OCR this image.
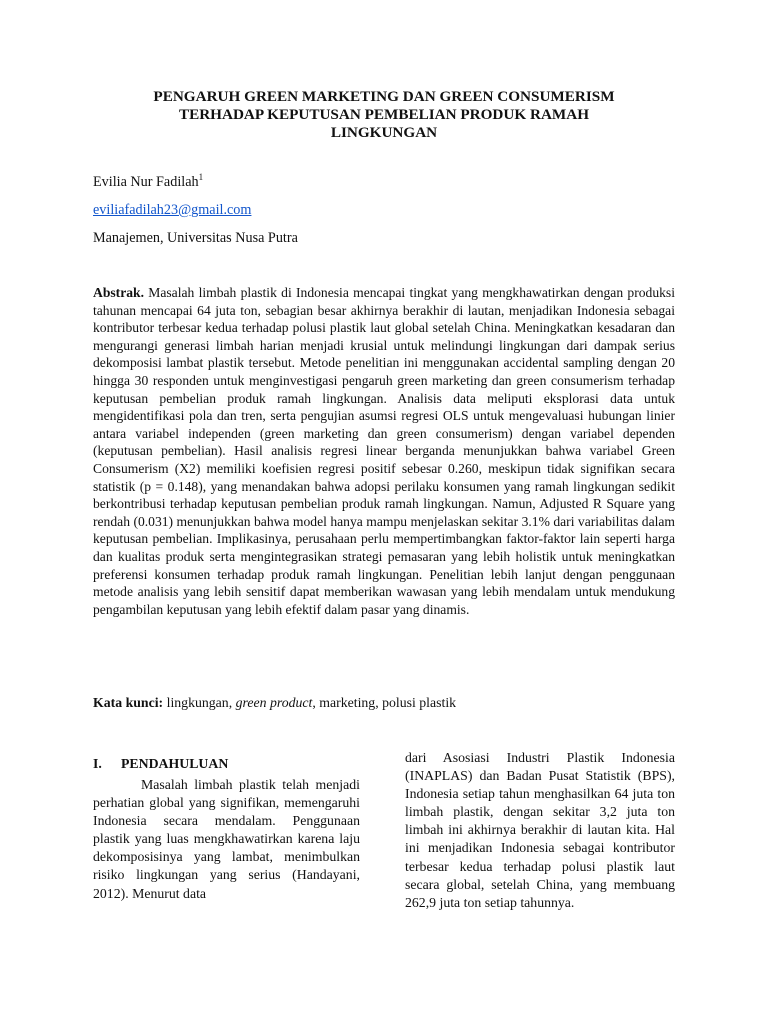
PENGARUH GREEN MARKETING DAN GREEN CONSUMERISM
TERHADAP KEPUTUSAN PEMBELIAN PRODUK RAMAH
LINGKUNGAN
Evilia Nur Fadilah$^1$
eviliafadilah23@gmail.com
Manajemen, Universitas Nusa Putra

Abstrak. Masalah limbah plastik di Indonesia mencapai tingkat yang mengkhawatirkan dengan produksi tahunan mencapai 64 juta ton, sebagian besar akhirnya berakhir di lautan, menjadikan Indonesia sebagai kontributor terbesar kedua terhadap polusi plastik laut global setelah China. Meningkatkan kesadaran dan mengurangi generasi limbah harian menjadi krusial untuk melindungi lingkungan dari dampak serius dekomposisi lambat plastik tersebut. Metode penelitian ini menggunakan accidental sampling dengan 20 hingga 30 responden untuk menginvestigasi pengaruh green marketing dan green consumerism terhadap keputusan pembelian produk ramah lingkungan. Analisis data meliputi eksplorasi data untuk mengidentifikasi pola dan tren, serta pengujian asumsi regresi OLS untuk mengevaluasi hubungan linier antara variabel independen (green marketing dan green consumerism) dengan variabel dependen (keputusan pembelian). Hasil analisis regresi linear berganda menunjukkan bahwa variabel Green Consumerism (X2) memiliki koefisien regresi positif sebesar 0.260, meskipun tidak signifikan secara statistik (p = 0.148), yang menandakan bahwa adopsi perilaku konsumen yang ramah lingkungan sedikit berkontribusi terhadap keputusan pembelian produk ramah lingkungan. Namun, Adjusted R Square yang rendah (0.031) menunjukkan bahwa model hanya mampu menjelaskan sekitar 3.1% dari variabilitas dalam keputusan pembelian. Implikasinya, perusahaan perlu mempertimbangkan faktor-faktor lain seperti harga dan kualitas produk serta mengintegrasikan strategi pemasaran yang lebih holistik untuk meningkatkan preferensi konsumen terhadap produk ramah lingkungan. Penelitian lebih lanjut dengan penggunaan metode analisis yang lebih sensitif dapat memberikan wawasan yang lebih mendalam untuk mendukung pengambilan keputusan yang lebih efektif dalam pasar yang dinamis.

Kata kunci: lingkungan, green product, marketing, polusi plastik
I. PENDAHULUAN

Masalah limbah plastik telah menjadi perhatian global yang signifikan, memengaruhi Indonesia secara mendalam. Penggunaan plastik yang luas mengkhawatirkan karena laju dekomposisinya yang lambat, menimbulkan risiko lingkungan yang serius (Handayani, 2012). Menurut data

dari Asosiasi Industri Plastik Indonesia (INAPLAS) dan Badan Pusat Statistik (BPS), Indonesia setiap tahun menghasilkan 64 juta ton limbah plastik, dengan sekitar 3,2 juta ton limbah ini akhirnya berakhir di lautan kita. Hal ini menjadikan Indonesia sebagai kontributor terbesar kedua terhadap polusi plastik laut secara global, setelah China, yang membuang 262,9 juta ton setiap tahunnya.
